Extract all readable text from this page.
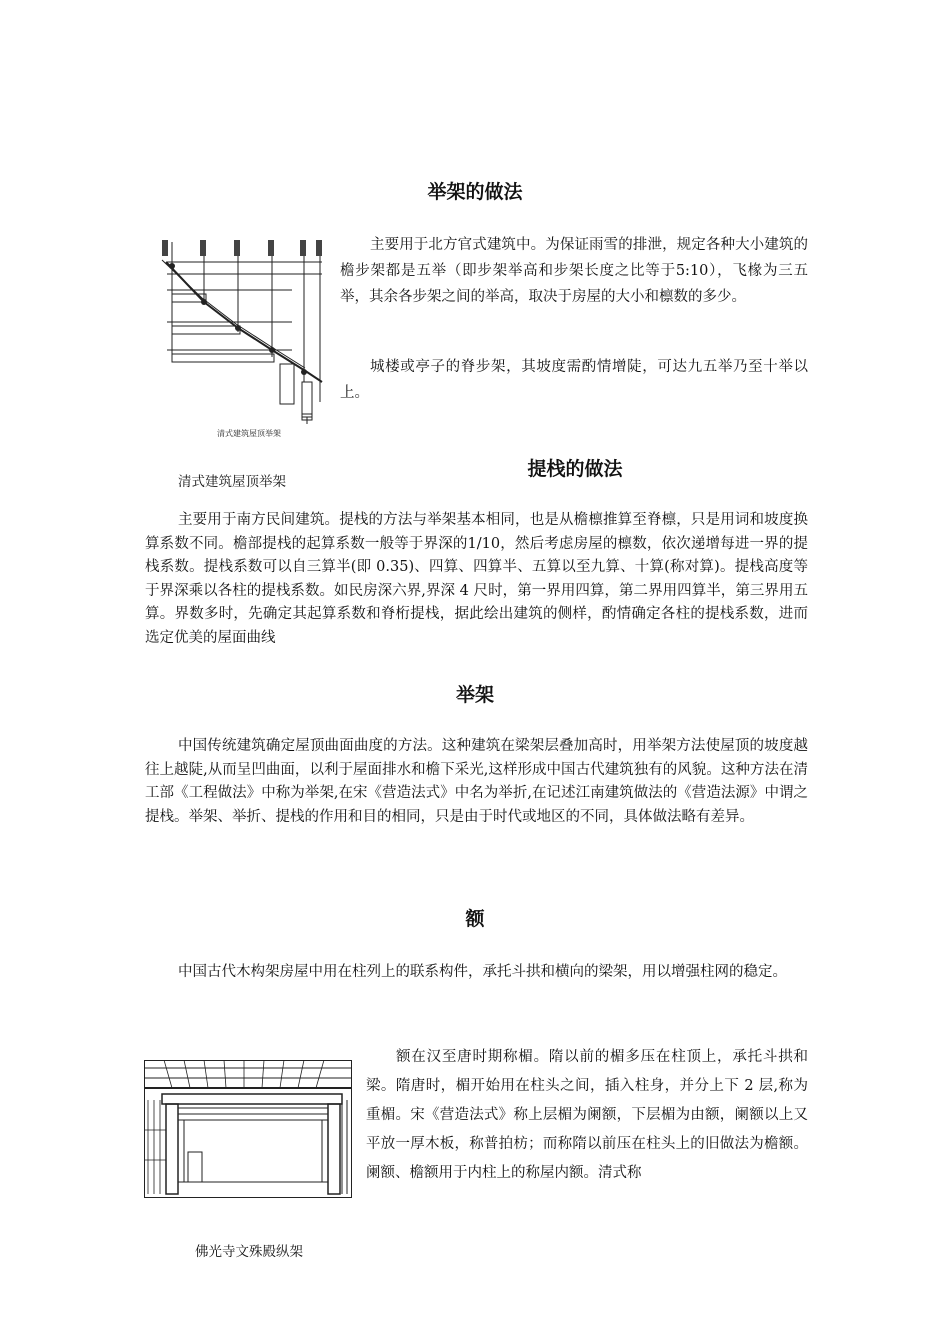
举架的做法
清式建筑屋顶举架

主要用于北方官式建筑中。为保证雨雪的排泄，规定各种大小建筑的檐步架都是五举（即步架举高和步架长度之比等于5:10），飞椽为三五举，其余各步架之间的举高，取决于房屋的大小和檩数的多少。

城楼或亭子的脊步架，其坡度需酌情增陡，可达九五举乃至十举以上。

清式建筑屋顶举架
提栈的做法

主要用于南方民间建筑。提栈的方法与举架基本相同，也是从檐檩推算至脊檩，只是用词和坡度换算系数不同。檐部提栈的起算系数一般等于界深的1/10，然后考虑房屋的檩数，依次递增每进一界的提栈系数。提栈系数可以自三算半(即 0.35)、四算、四算半、五算以至九算、十算(称对算)。提栈高度等于界深乘以各柱的提栈系数。如民房深六界,界深 4 尺时，第一界用四算，第二界用四算半，第三界用五算。界数多时，先确定其起算系数和脊桁提栈，据此绘出建筑的侧样，酌情确定各柱的提栈系数，进而选定优美的屋面曲线

举架

中国传统建筑确定屋顶曲面曲度的方法。这种建筑在梁架层叠加高时，用举架方法使屋顶的坡度越往上越陡,从而呈凹曲面，以利于屋面排水和檐下采光,这样形成中国古代建筑独有的风貌。这种方法在清工部《工程做法》中称为举架,在宋《营造法式》中名为举折,在记述江南建筑做法的《营造法源》中谓之提栈。举架、举折、提栈的作用和目的相同，只是由于时代或地区的不同，具体做法略有差异。

额

中国古代木构架房屋中用在柱列上的联系构件，承托斗拱和横向的梁架，用以增强柱网的稳定。

额在汉至唐时期称楣。隋以前的楣多压在柱顶上，承托斗拱和梁。隋唐时，楣开始用在柱头之间，插入柱身，并分上下 2 层,称为重楣。宋《营造法式》称上层楣为阑额，下层楣为由额，阑额以上又平放一厚木板，称普拍枋；而称隋以前压在柱头上的旧做法为檐额。阑额、檐额用于内柱上的称屋内额。清式称

佛光寺文殊殿纵架
